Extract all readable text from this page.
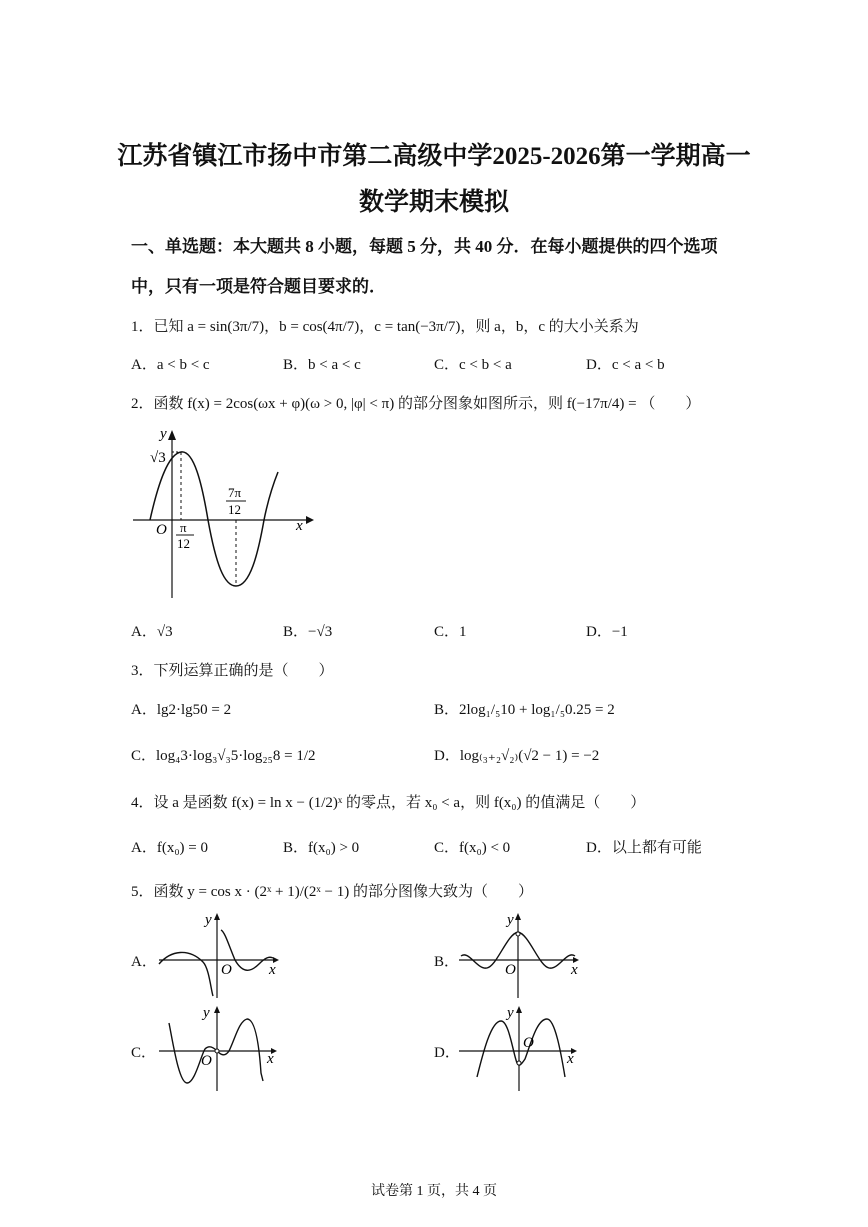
江苏省镇江市扬中市第二高级中学2025-2026第一学期高一
数学期末模拟
一、单选题：本大题共 8 小题，每题 5 分，共 40 分．在每小题提供的四个选项
中，只有一项是符合题目要求的．
1．已知 a = sin(3π/7)，b = cos(4π/7)，c = tan(−3π/7)，则 a，b，c 的大小关系为
A．a < b < c	B．b < a < c	C．c < b < a	D．c < a < b
2．函数 f(x) = 2cos(ωx + φ)(ω > 0, |φ| < π) 的部分图象如图所示，则 f(−17π/4) = （　　）
y
x
O
√3
π
12
7π
12
A．√3	B．−√3	C．1	D．−1
3．下列运算正确的是（　　）
A．lg2·lg50 = 2	B．2log₁/₅10 + log₁/₅0.25 = 2
C．log₄3·log₃√₃5·log₂₅8 = 1/2	D．log₍₃₊₂√₂₎(√2 − 1) = −2
4．设 a 是函数 f(x) = ln x − (1/2)ˣ 的零点，若 x₀ < a，则 f(x₀) 的值满足（　　）
A．f(x₀) = 0	B．f(x₀) > 0	C．f(x₀) < 0	D．以上都有可能
5．函数 y = cos x · (2ˣ + 1)/(2ˣ − 1) 的部分图像大致为（　　）
A．
y
O x	B．
y
O	x
C．
y
O	x	D．
y
O
x
试卷第 1 页，共 4 页
